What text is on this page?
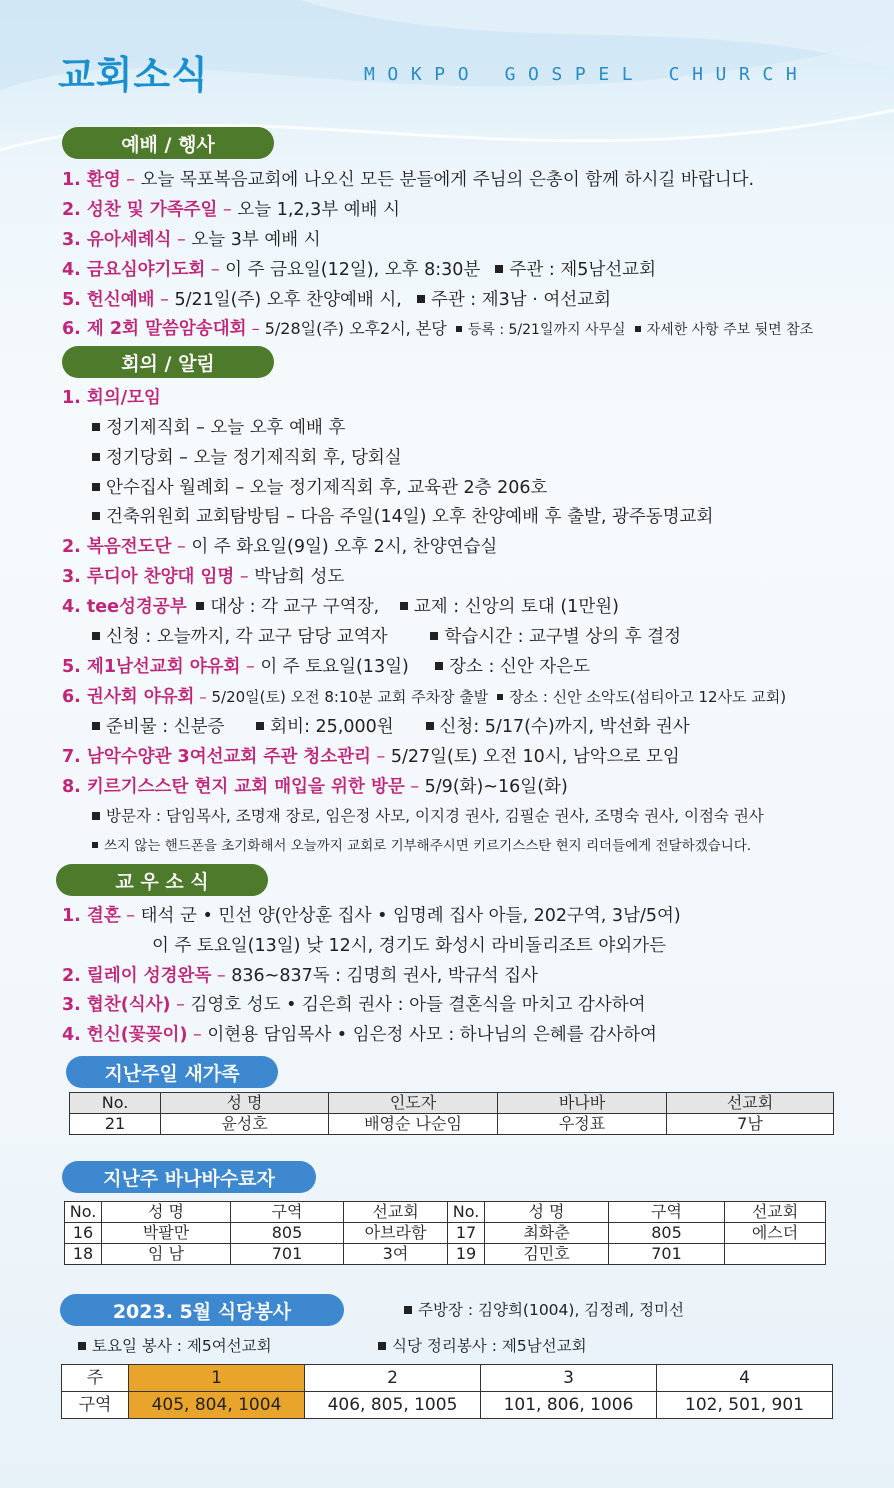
교회소식	MOKPO GOSPEL CHURCH
예배 / 행사
1. 환영 – 오늘 목포복음교회에 나오신 모든 분들에게 주님의 은총이 함께 하시길 바랍니다.
2. 성찬 및 가족주일 – 오늘 1,2,3부 예배 시
3. 유아세례식 – 오늘 3부 예배 시
4. 금요심야기도회 – 이 주 금요일(12일), 오후 8:30분 주관 : 제5남선교회
5. 헌신예배 – 5/21일(주) 오후 찬양예배 시, 주관 : 제3남 · 여선교회
6. 제 2회 말씀암송대회 – 5/28일(주) 오후2시, 본당 등록 : 5/21일까지 사무실 자세한 사항 주보 뒷면 참조
회의 / 알림
1. 회의/모임
정기제직회 – 오늘 오후 예배 후
정기당회 – 오늘 정기제직회 후, 당회실
안수집사 월례회 – 오늘 정기제직회 후, 교육관 2층 206호
건축위원회 교회탐방팀 – 다음 주일(14일) 오후 찬양예배 후 출발, 광주동명교회
2. 복음전도단 – 이 주 화요일(9일) 오후 2시, 찬양연습실
3. 루디아 찬양대 임명 – 박남희 성도
4. tee성경공부 대상 : 각 교구 구역장, 교제 : 신앙의 토대 (1만원)
신청 : 오늘까지, 각 교구 담당 교역자	학습시간 : 교구별 상의 후 결정
5. 제1남선교회 야유회 – 이 주 토요일(13일) 장소 : 신안 자은도
6. 권사회 야유회 – 5/20일(토) 오전 8:10분 교회 주차장 출발 장소 : 신안 소악도(섬티아고 12사도 교회)
준비물 : 신분증	회비: 25,000원	신청: 5/17(수)까지, 박선화 권사
7. 남악수양관 3여선교회 주관 청소관리 – 5/27일(토) 오전 10시, 남악으로 모임
8. 키르기스스탄 현지 교회 매입을 위한 방문 – 5/9(화)~16일(화)
방문자 : 담임목사, 조명재 장로, 임은정 사모, 이지경 권사, 김필순 권사, 조명숙 권사, 이점숙 권사
쓰지 않는 핸드폰을 초기화해서 오늘까지 교회로 기부해주시면 키르기스스탄 현지 리더들에게 전달하겠습니다.
교 우 소 식
1. 결혼 – 태석 군 • 민선 양(안상훈 집사 • 임명례 집사 아들, 202구역, 3남/5여)
이 주 토요일(13일) 낮 12시, 경기도 화성시 라비돌리조트 야외가든
2. 릴레이 성경완독 – 836~837독 : 김명희 권사, 박규석 집사
3. 협찬(식사) – 김영호 성도 • 김은희 권사 : 아들 결혼식을 마치고 감사하여
4. 헌신(꽃꽂이) – 이현용 담임목사 • 임은정 사모 : 하나님의 은혜를 감사하여
지난주일 새가족
No.	성 명	인도자	바나바	선교회
21	윤성호	배영순 나순임	우정표	7남
지난주 바나바수료자
No.	성 명	구역	선교회	No.	성 명	구역	선교회
16	박팔만	805	아브라함	17	최화춘	805	에스더
18	임 남	701	3여	19	김민호	701	
2023. 5월 식당봉사	주방장 : 김양희(1004), 김정례, 정미선
토요일 봉사 : 제5여선교회	식당 정리봉사 : 제5남선교회
주	1	2	3	4
구역	405, 804, 1004	406, 805, 1005	101, 806, 1006	102, 501, 901
